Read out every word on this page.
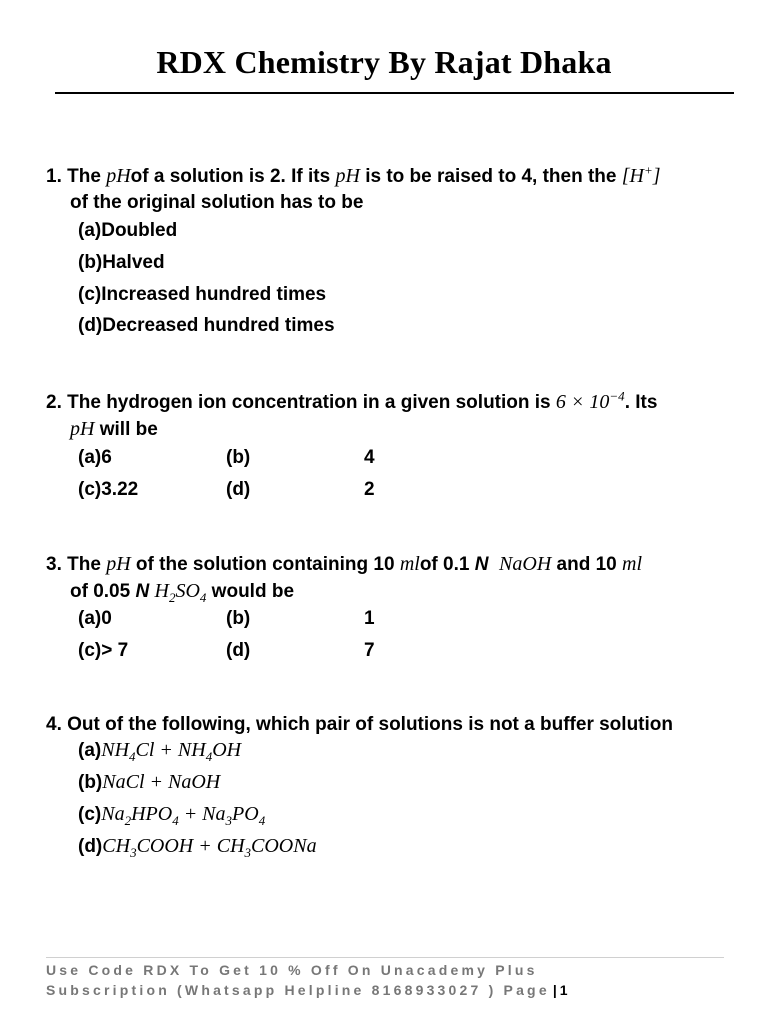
RDX Chemistry By Rajat Dhaka
1. The pHof a solution is 2. If its pH is to be raised to 4, then the [H+]
of the original solution has to be
(a)Doubled
(b)Halved
(c)Increased hundred times
(d)Decreased hundred times
2. The hydrogen ion concentration in a given solution is $6 \times 10^{-4}$. Its
pH will be
(a)6	(b)	4
(c)3.22	(d)	2
3. The pH of the solution containing 10 mlof 0.1 N NaOH and 10 ml
of 0.05 N $H_2SO_4$ would be
(a)0	(b)	1
(c)> 7	(d)	7
4. Out of the following, which pair of solutions is not a buffer solution
$(a)NH_4Cl + NH_4OH$
(b)NaCl + NaOH
$(c)Na_2HPO_4 + Na_3PO_4$
$(d)CH_3COOH$ + $CH_3COONa$
Use Code RDX To Get 10 % Off On Unacademy Plus
Subscription (Whatsapp Helpline 8168933027 ) Page | 1
